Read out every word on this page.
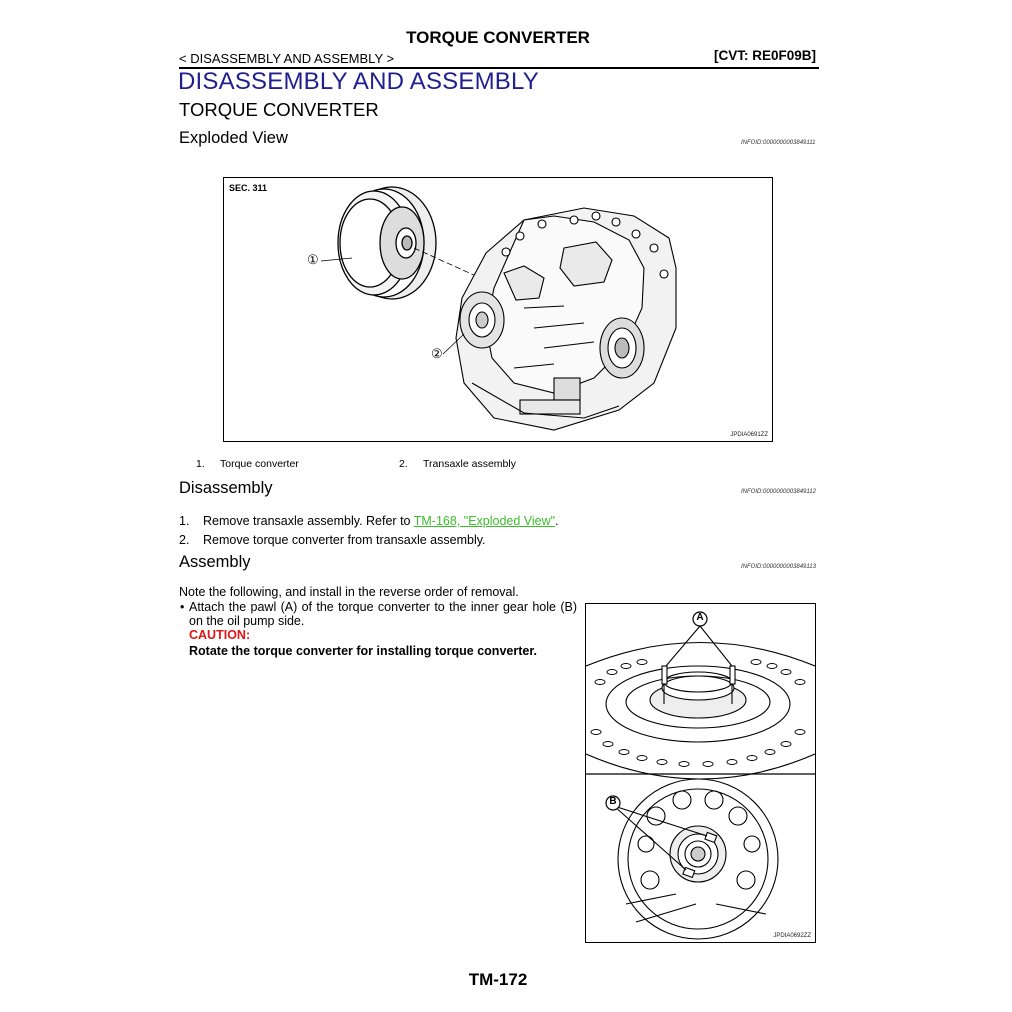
TORQUE CONVERTER
< DISASSEMBLY AND ASSEMBLY >	[CVT: RE0F09B]
DISASSEMBLY AND ASSEMBLY
TORQUE CONVERTER
Exploded View	INFOID:0000000003849111
SEC. 311
①
②
JPDIA0691ZZ
1. Torque converter	2. Transaxle assembly
Disassembly	INFOID:0000000003849112
1. Remove transaxle assembly. Refer to TM-168, "Exploded View".
2. Remove torque converter from transaxle assembly.
Assembly	INFOID:0000000003849113
Note the following, and install in the reverse order of removal.
• Attach the pawl (A) of the torque converter to the inner gear hole (B) on the oil pump side.
CAUTION:
Rotate the torque converter for installing torque converter.
A
B
JPDIA0692ZZ
TM-172
